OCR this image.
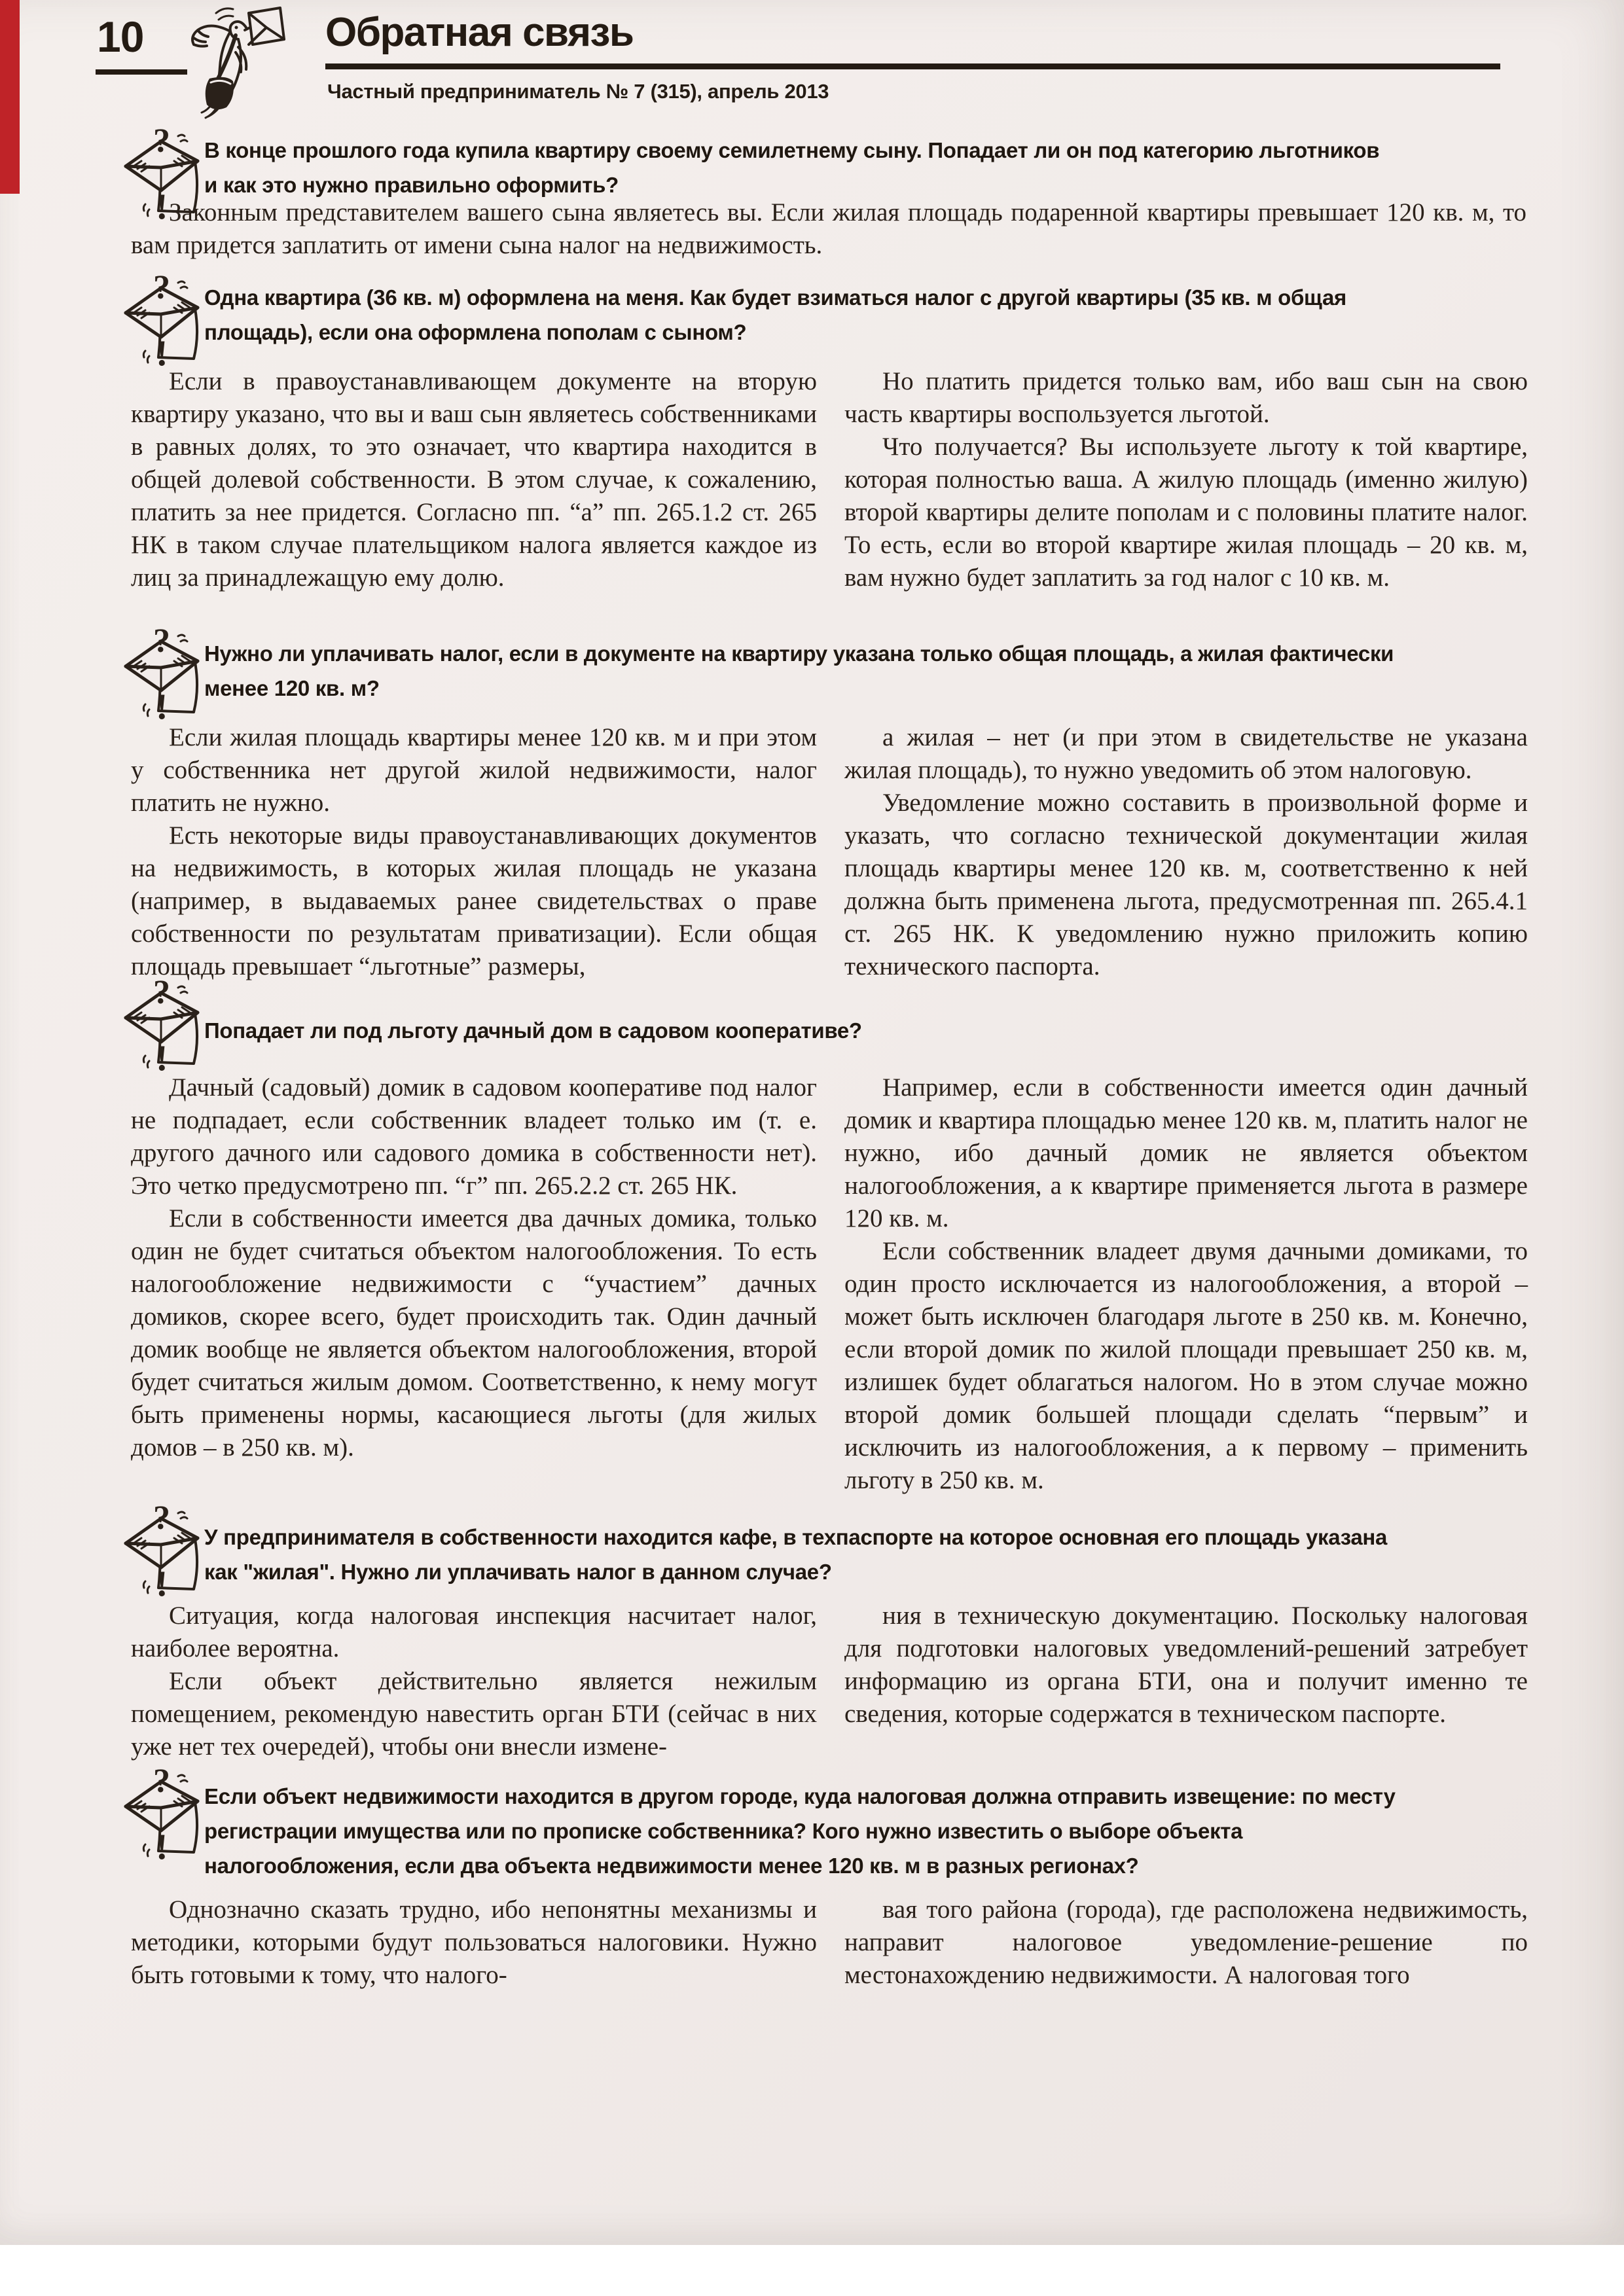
10	Обратная связь
Частный предприниматель № 7 (315), апрель 2013
В конце прошлого года купила квартиру своему семилетнему сыну. Попадает ли он под категорию льготников и как это нужно правильно оформить?

Законным представителем вашего сына являетесь вы. Если жилая площадь подаренной квартиры превышает 120 кв. м, то вам придется заплатить от имени сына налог на недвижимость.

Одна квартира (36 кв. м) оформлена на меня. Как будет взиматься налог с другой квартиры (35 кв. м общая площадь), если она оформлена пополам с сыном?

Если в правоустанавливающем документе на вторую квартиру указано, что вы и ваш сын являетесь собственниками в равных долях, то это означает, что квартира находится в общей долевой собственности. В этом случае, к сожалению, платить за нее придется. Согласно пп. “а” пп. 265.1.2 ст. 265 НК в таком случае плательщиком налога является каждое из лиц за принадлежащую ему долю.

Но платить придется только вам, ибо ваш сын на свою часть квартиры воспользуется льготой.

Что получается? Вы используете льготу к той квартире, которая полностью ваша. А жилую площадь (именно жилую) второй квартиры делите пополам и с половины платите налог. То есть, если во второй квартире жилая площадь – 20 кв. м, вам нужно будет заплатить за год налог с 10 кв. м.

Нужно ли уплачивать налог, если в документе на квартиру указана только общая площадь, а жилая фактически менее 120 кв. м?

Если жилая площадь квартиры менее 120 кв. м и при этом у собственника нет другой жилой недвижимости, налог платить не нужно.

Есть некоторые виды правоустанавливающих документов на недвижимость, в которых жилая площадь не указана (например, в выдаваемых ранее свидетельствах о праве собственности по результатам приватизации). Если общая площадь превышает “льготные” размеры,

а жилая – нет (и при этом в свидетельстве не указана жилая площадь), то нужно уведомить об этом налоговую.

Уведомление можно составить в произвольной форме и указать, что согласно технической документации жилая площадь квартиры менее 120 кв. м, соответственно к ней должна быть применена льгота, предусмотренная пп. 265.4.1 ст. 265 НК. К уведомлению нужно приложить копию технического паспорта.

Попадает ли под льготу дачный дом в садовом кооперативе?

Дачный (садовый) домик в садовом кооперативе под налог не подпадает, если собственник владеет только им (т. е. другого дачного или садового домика в собственности нет). Это четко предусмотрено пп. “г” пп. 265.2.2 ст. 265 НК.

Если в собственности имеется два дачных домика, только один не будет считаться объектом налогообложения. То есть налогообложение недвижимости с “участием” дачных домиков, скорее всего, будет происходить так. Один дачный домик вообще не является объектом налогообложения, второй будет считаться жилым домом. Соответственно, к нему могут быть применены нормы, касающиеся льготы (для жилых домов – в 250 кв. м).

Например, если в собственности имеется один дачный домик и квартира площадью менее 120 кв. м, платить налог не нужно, ибо дачный домик не является объектом налогообложения, а к квартире применяется льгота в размере 120 кв. м.

Если собственник владеет двумя дачными домиками, то один просто исключается из налогообложения, а второй – может быть исключен благодаря льготе в 250 кв. м. Конечно, если второй домик по жилой площади превышает 250 кв. м, излишек будет облагаться налогом. Но в этом случае можно второй домик большей площади сделать “первым” и исключить из налогообложения, а к первому – применить льготу в 250 кв. м.

У предпринимателя в собственности находится кафе, в техпаспорте на которое основная его площадь указана как "жилая". Нужно ли уплачивать налог в данном случае?

Ситуация, когда налоговая инспекция насчитает налог, наиболее вероятна.

Если объект действительно является нежилым помещением, рекомендую навестить орган БТИ (сейчас в них уже нет тех очередей), чтобы они внесли измене-

ния в техническую документацию. Поскольку налоговая для подготовки налоговых уведомлений-решений затребует информацию из органа БТИ, она и получит именно те сведения, которые содержатся в техническом паспорте.

Если объект недвижимости находится в другом городе, куда налоговая должна отправить извещение: по месту регистрации имущества или по прописке собственника? Кого нужно известить о выборе объекта налогообложения, если два объекта недвижимости менее 120 кв. м в разных регионах?

Однозначно сказать трудно, ибо непонятны механизмы и методики, которыми будут пользоваться налоговики. Нужно быть готовыми к тому, что налого-

вая того района (города), где расположена недвижимость, направит налоговое уведомление-решение по местонахождению недвижимости. А налоговая того
